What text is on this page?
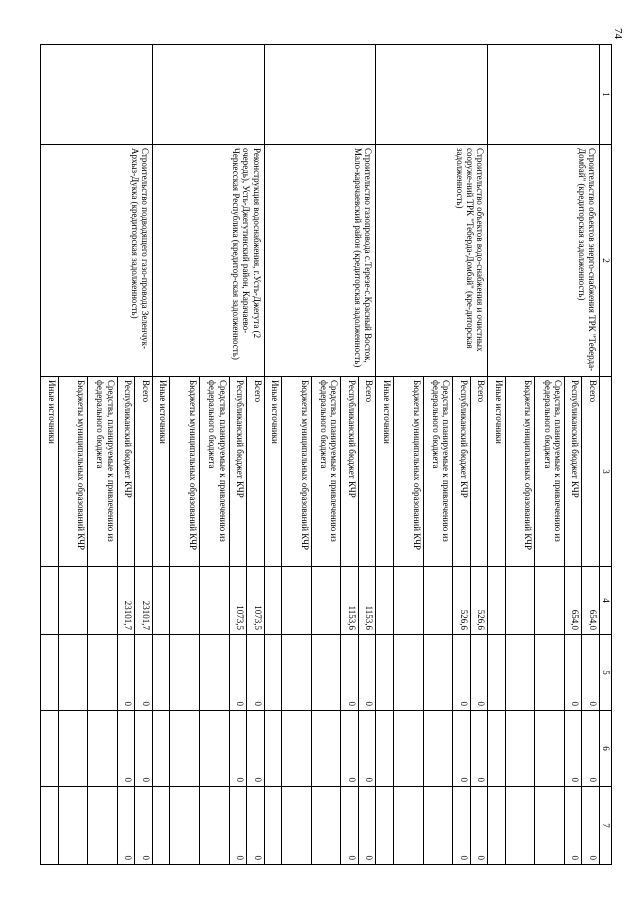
74
1	2	3	4	5	6	7
	Строительство объектов энерго-снабжения ТРК "Теберда-Домбай" (кредиторская задолженность)	Всего	654,0	0	0	0
		Республиканский бюджет КЧР	654,0	0	0	0
		Средства, планируемые к привлечению из федерального бюджета				
		Бюджеты муниципальных образований КЧР				
		Иные источники				
	Строительство объектов водо-снабжения и очистных сооруже-ний ТРК "Теберда-Домбай" (кре-диторская задолженность)	Всего	526,6	0	0	0
		Республиканский бюджет КЧР	526,6	0	0	0
		Средства, планируемые к привлечению из федерального бюджета				
		Бюджеты муниципальных образований КЧР				
		Иные источники				
	Строительство газопровода с.Терезе-с.Красный Восток, Мало-карачаевский район (кредиторская задолженность)	Всего	1153,6	0	0	0
		Республиканский бюджет КЧР	1153,6	0	0	0
		Средства, планируемые к привлечению из федерального бюджета				
		Бюджеты муниципальных образований КЧР				
		Иные источники				
	Реконструкция водоснабжения, г.Усть-Джегута (2 очередь), Усть-Джегутинский район, Карачаево-Черкесская Республика (кредитор-ская задолженность)	Всего	1073,5	0	0	0
		Республиканский бюджет КЧР	1073,5	0	0	0
		Средства, планируемые к привлечению из федерального бюджета				
		Бюджеты муниципальных образований КЧР				
		Иные источники				
	Строительство подводящего газо-провода Зеленчук-Архыз-Дукка (кредиторская задолженность)	Всего	23101,7	0	0	0
		Республиканский бюджет КЧР	23101,7	0	0	0
		Средства, планируемые к привлечению из федерального бюджета				
		Бюджеты муниципальных образований КЧР				
		Иные источники				
